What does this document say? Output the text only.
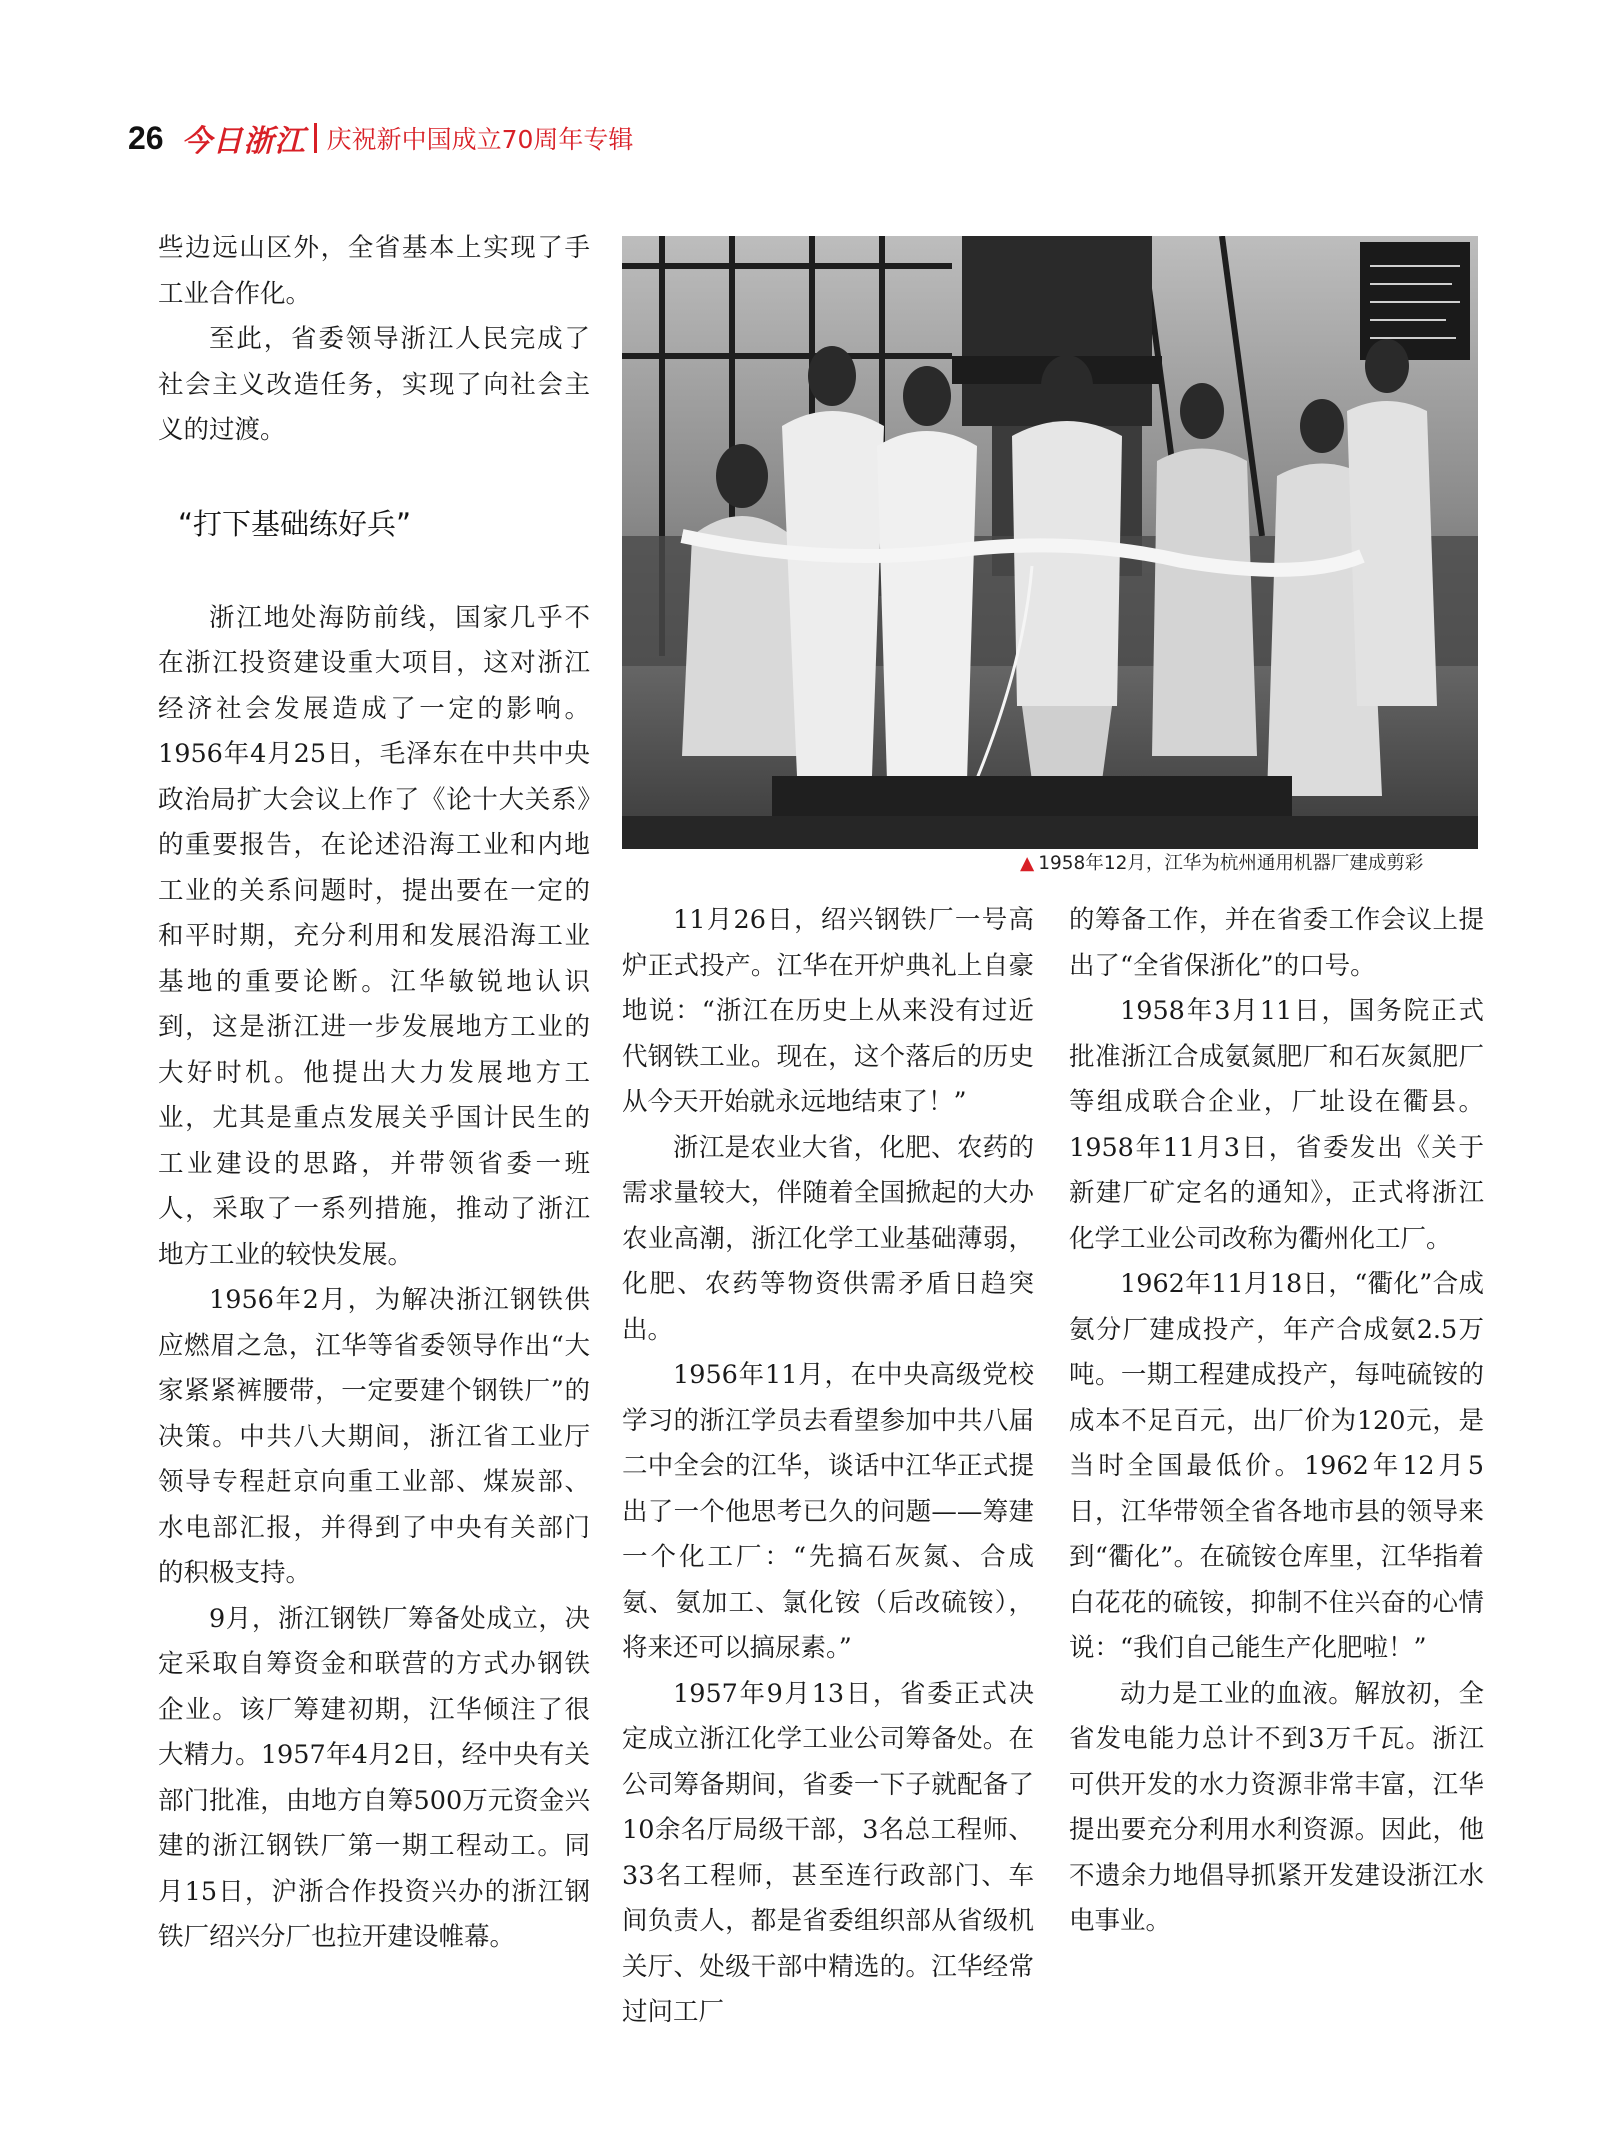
26 今日浙江 庆祝新中国成立70周年专辑

些边远山区外，全省基本上实现了手工业合作化。

至此，省委领导浙江人民完成了社会主义改造任务，实现了向社会主义的过渡。

“打下基础练好兵”

浙江地处海防前线，国家几乎不在浙江投资建设重大项目，这对浙江经济社会发展造成了一定的影响。1956年4月25日，毛泽东在中共中央政治局扩大会议上作了《论十大关系》的重要报告，在论述沿海工业和内地工业的关系问题时，提出要在一定的和平时期，充分利用和发展沿海工业基地的重要论断。江华敏锐地认识到，这是浙江进一步发展地方工业的大好时机。他提出大力发展地方工业，尤其是重点发展关乎国计民生的工业建设的思路，并带领省委一班人，采取了一系列措施，推动了浙江地方工业的较快发展。

1956年2月，为解决浙江钢铁供应燃眉之急，江华等省委领导作出“大家紧紧裤腰带，一定要建个钢铁厂”的决策。中共八大期间，浙江省工业厅领导专程赶京向重工业部、煤炭部、水电部汇报，并得到了中央有关部门的积极支持。

9月，浙江钢铁厂筹备处成立，决定采取自筹资金和联营的方式办钢铁企业。该厂筹建初期，江华倾注了很大精力。1957年4月2日，经中央有关部门批准，由地方自筹500万元资金兴建的浙江钢铁厂第一期工程动工。同月15日，沪浙合作投资兴办的浙江钢铁厂绍兴分厂也拉开建设帷幕。

▲ 1958年12月，江华为杭州通用机器厂建成剪彩

11月26日，绍兴钢铁厂一号高炉正式投产。江华在开炉典礼上自豪地说：“浙江在历史上从来没有过近代钢铁工业。现在，这个落后的历史从今天开始就永远地结束了！”

浙江是农业大省，化肥、农药的需求量较大，伴随着全国掀起的大办农业高潮，浙江化学工业基础薄弱，化肥、农药等物资供需矛盾日趋突出。

1956年11月，在中央高级党校学习的浙江学员去看望参加中共八届二中全会的江华，谈话中江华正式提出了一个他思考已久的问题——筹建一个化工厂：“先搞石灰氮、合成氨、氨加工、氯化铵（后改硫铵），将来还可以搞尿素。”

1957年9月13日，省委正式决定成立浙江化学工业公司筹备处。在公司筹备期间，省委一下子就配备了10余名厅局级干部，3名总工程师、33名工程师，甚至连行政部门、车间负责人，都是省委组织部从省级机关厅、处级干部中精选的。江华经常过问工厂

的筹备工作，并在省委工作会议上提出了“全省保浙化”的口号。

1958年3月11日，国务院正式批准浙江合成氨氮肥厂和石灰氮肥厂等组成联合企业，厂址设在衢县。1958年11月3日，省委发出《关于新建厂矿定名的通知》，正式将浙江化学工业公司改称为衢州化工厂。

1962年11月18日，“衢化”合成氨分厂建成投产，年产合成氨2.5万吨。一期工程建成投产，每吨硫铵的成本不足百元，出厂价为120元，是当时全国最低价。1962年12月5日，江华带领全省各地市县的领导来到“衢化”。在硫铵仓库里，江华指着白花花的硫铵，抑制不住兴奋的心情说：“我们自己能生产化肥啦！”

动力是工业的血液。解放初，全省发电能力总计不到3万千瓦。浙江可供开发的水力资源非常丰富，江华提出要充分利用水利资源。因此，他不遗余力地倡导抓紧开发建设浙江水电事业。
